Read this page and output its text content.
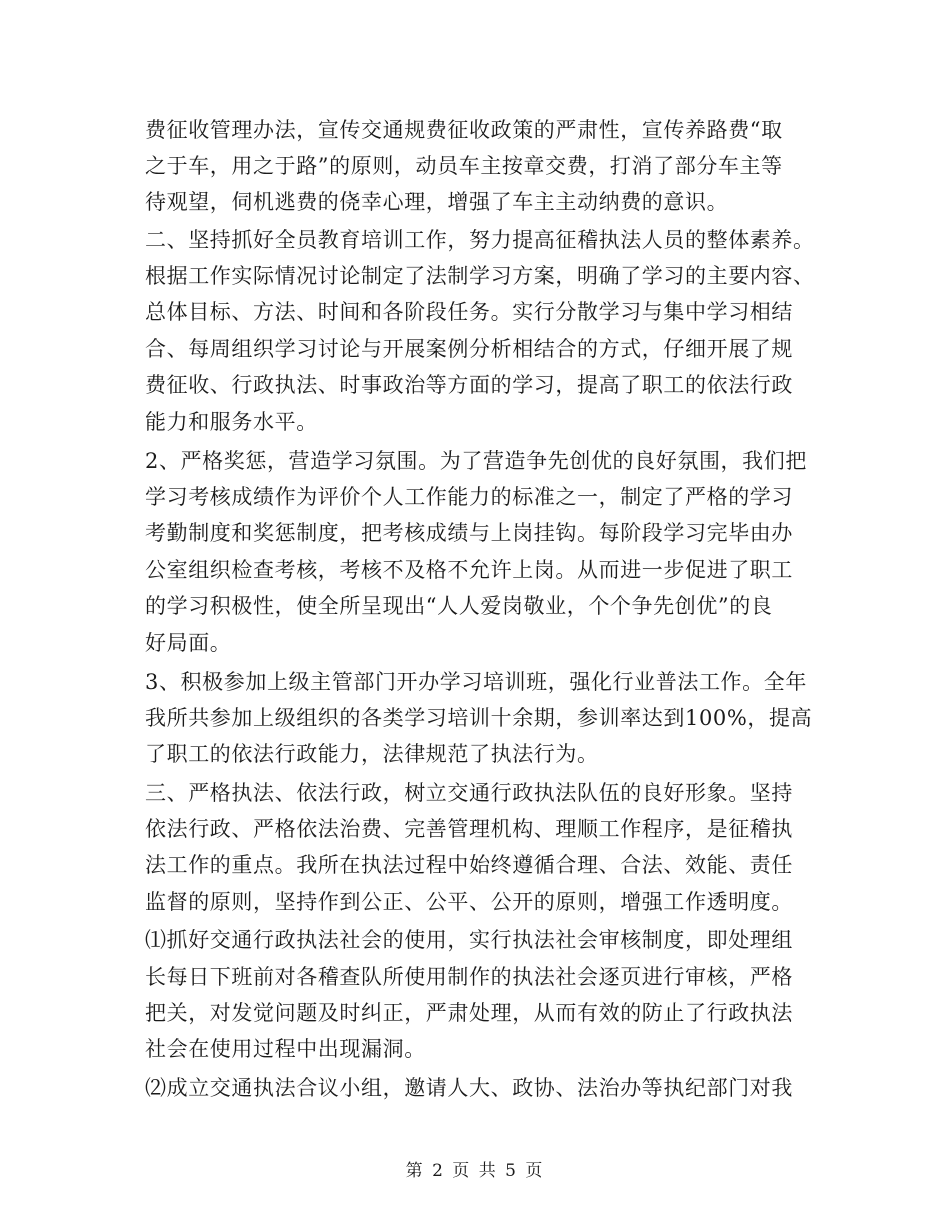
费征收管理办法，宣传交通规费征收政策的严肃性，宣传养路费“取
之于车，用之于路”的原则，动员车主按章交费，打消了部分车主等
待观望，伺机逃费的侥幸心理，增强了车主主动纳费的意识。
二、坚持抓好全员教育培训工作，努力提高征稽执法人员的整体素养。
根据工作实际情况讨论制定了法制学习方案，明确了学习的主要内容、
总体目标、方法、时间和各阶段任务。实行分散学习与集中学习相结
合、每周组织学习讨论与开展案例分析相结合的方式，仔细开展了规
费征收、行政执法、时事政治等方面的学习，提高了职工的依法行政
能力和服务水平。
2、严格奖惩，营造学习氛围。为了营造争先创优的良好氛围，我们把
学习考核成绩作为评价个人工作能力的标准之一，制定了严格的学习
考勤制度和奖惩制度，把考核成绩与上岗挂钩。每阶段学习完毕由办
公室组织检查考核，考核不及格不允许上岗。从而进一步促进了职工
的学习积极性，使全所呈现出“人人爱岗敬业，个个争先创优”的良
好局面。
3、积极参加上级主管部门开办学习培训班，强化行业普法工作。全年
我所共参加上级组织的各类学习培训十余期，参训率达到100%，提高
了职工的依法行政能力，法律规范了执法行为。
三、严格执法、依法行政，树立交通行政执法队伍的良好形象。坚持
依法行政、严格依法治费、完善管理机构、理顺工作程序，是征稽执
法工作的重点。我所在执法过程中始终遵循合理、合法、效能、责任
监督的原则，坚持作到公正、公平、公开的原则，增强工作透明度。
⑴抓好交通行政执法社会的使用，实行执法社会审核制度，即处理组
长每日下班前对各稽查队所使用制作的执法社会逐页进行审核，严格
把关，对发觉问题及时纠正，严肃处理，从而有效的防止了行政执法
社会在使用过程中出现漏洞。
⑵成立交通执法合议小组，邀请人大、政协、法治办等执纪部门对我
第 2 页 共 5 页
